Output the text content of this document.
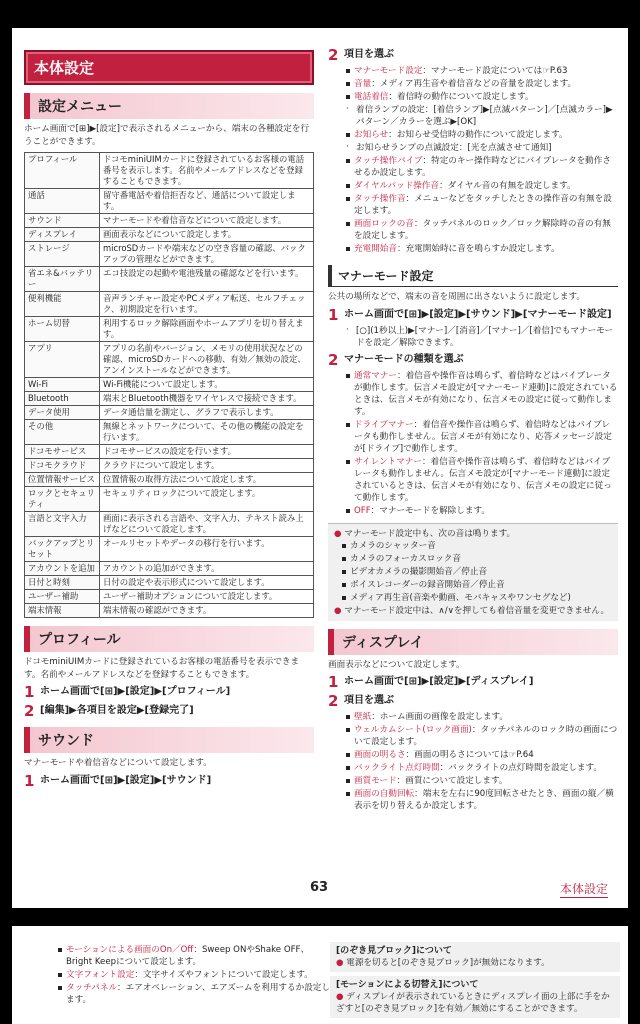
本体設定
設定メニュー

ホーム画面で[⊞]▶[設定]で表示されるメニューから、端末の各種設定を行うことができます。

プロフィール	ドコモminiUIMカードに登録されているお客様の電話番号を表示します。名前やメールアドレスなどを登録することもできます。
通話	留守番電話や着信拒否など、通話について設定します。
サウンド	マナーモードや着信音などについて設定します。
ディスプレイ	画面表示などについて設定します。
ストレージ	microSDカードや端末などの空き容量の確認、バックアップの管理などができます。
省エネ&バッテリー	エコ技設定の起動や電池残量の確認などを行います。
便利機能	音声ランチャー設定やPCメディア転送、セルフチェック、初期設定を行います。
ホーム切替	利用するロック解除画面やホームアプリを切り替えます。
アプリ	アプリの名前やバージョン、メモリの使用状況などの確認、microSDカードへの移動、有効／無効の設定、アンインストールなどができます。
Wi-Fi	Wi-Fi機能について設定します。
Bluetooth	端末とBluetooth機器をワイヤレスで接続できます。
データ使用	データ通信量を測定し、グラフで表示します。
その他	無線とネットワークについて、その他の機能の設定を行います。
ドコモサービス	ドコモサービスの設定を行います。
ドコモクラウド	クラウドについて設定します。
位置情報サービス	位置情報の取得方法について設定します。
ロックとセキュリティ	セキュリティロックについて設定します。
言語と文字入力	画面に表示される言語や、文字入力、テキスト読み上げなどについて設定します。
バックアップとリセット	オールリセットやデータの移行を行います。
アカウントを追加	アカウントの追加ができます。
日付と時刻	日付の設定や表示形式について設定します。
ユーザー補助	ユーザー補助オプションについて設定します。
端末情報	端末情報の確認ができます。
プロフィール

ドコモminiUIMカードに登録されているお客様の電話番号を表示できます。名前やメールアドレスなどを登録することもできます。

1 ホーム画面で[⊞]▶[設定]▶[プロフィール]
2 [編集]▶各項目を設定▶[登録完了]
サウンド

マナーモードや着信音などについて設定します。

1 ホーム画面で[⊞]▶[設定]▶[サウンド]
2 項目を選ぶ
マナーモード設定：マナーモード設定については☞P.63
音量：メディア再生音や着信音などの音量を設定します。
電話着信：着信時の動作について設定します。
· 着信ランプの設定：[着信ランプ]▶[点滅パターン]／[点滅カラー]▶パターン／カラーを選ぶ▶[OK]
お知らせ：お知らせ受信時の動作について設定します。
· お知らせランプの点滅設定：[光を点滅させて通知]
タッチ操作バイブ：特定のキー操作時などにバイブレータを動作させるか設定します。
ダイヤルパッド操作音：ダイヤル音の有無を設定します。
タッチ操作音：メニューなどをタッチしたときの操作音の有無を設定します。
画面ロックの音：タッチパネルのロック／ロック解除時の音の有無を設定します。
充電開始音：充電開始時に音を鳴らすか設定します。
マナーモード設定

公共の場所などで、端末の音を周囲に出さないように設定します。

1 ホーム画面で[⊞]▶[設定]▶[サウンド]▶[マナーモード設定]
· [○](1秒以上)▶[マナー]／[消音]／[マナー]／[着信]でもマナーモードを設定／解除できます。
2 マナーモードの種類を選ぶ
通常マナー：着信音や操作音は鳴らず、着信時などはバイブレータが動作します。伝言メモ設定が[マナーモード連動]に設定されているときは、伝言メモが有効になり、伝言メモの設定に従って動作します。
ドライブマナー：着信音や操作音は鳴らず、着信時などはバイブレータも動作しません。伝言メモが有効になり、応答メッセージ設定が[ドライブ]で動作します。
サイレントマナー：着信音や操作音は鳴らず、着信時などはバイブレータも動作しません。伝言メモ設定が[マナーモード連動]に設定されているときは、伝言メモが有効になり、伝言メモの設定に従って動作します。
OFF：マナーモードを解除します。
● マナーモード設定中も、次の音は鳴ります。
カメラのシャッター音
カメラのフォーカスロック音
ビデオカメラの撮影開始音／停止音
ボイスレコーダーの録音開始音／停止音
メディア再生音(音楽や動画、モバキャスやワンセグなど)
● マナーモード設定中は、∧/∨を押しても着信音量を変更できません。
ディスプレイ

画面表示などについて設定します。

1 ホーム画面で[⊞]▶[設定]▶[ディスプレイ]
2 項目を選ぶ
壁紙：ホーム画面の画像を設定します。
ウェルカムシート(ロック画面)：タッチパネルのロック時の画面について設定します。
画面の明るさ：画面の明るさについては☞P.64
バックライト点灯時間：バックライトの点灯時間を設定します。
画質モード：画質について設定します。
画面の自動回転：端末を左右に90度回転させたとき、画面の縦／横表示を切り替えるか設定します。
63	本体設定
モーションによる画面のOn／Off：Sweep ONやShake OFF、Bright Keepについて設定します。
文字フォント設定：文字サイズやフォントについて設定します。
タッチパネル：エアオペレーション、エアズームを利用するか設定します。
[のぞき見ブロック]について
● 電源を切ると[のぞき見ブロック]が無効になります。
[モーションによる切替え]について
● ディスプレイが表示されているときにディスプレイ面の上部に手をかざすと[のぞき見ブロック]を有効／無効にすることができます。
